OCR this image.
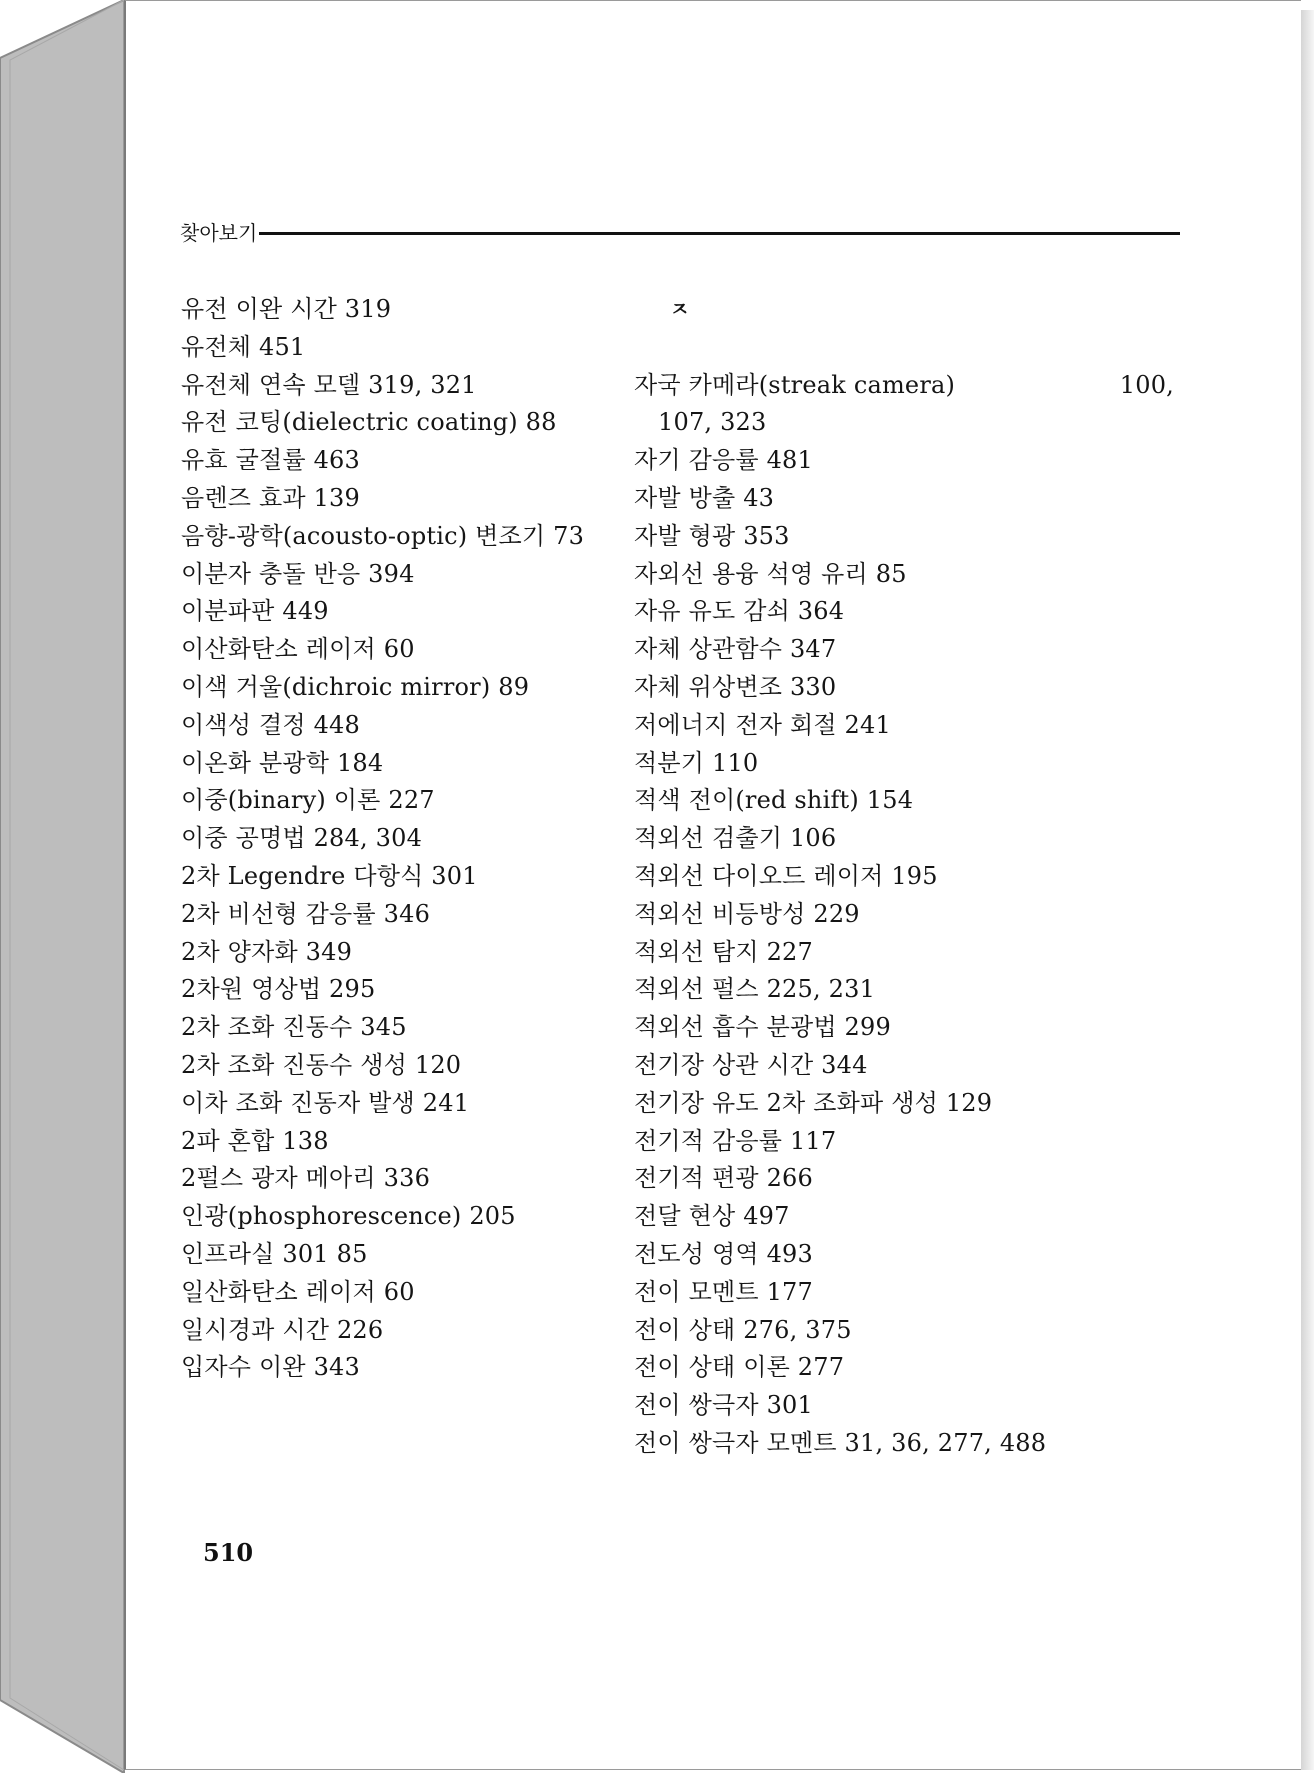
찾아보기
유전 이완 시간 319
유전체 451
유전체 연속 모델 319, 321
유전 코팅(dielectric coating) 88
유효 굴절률 463
음렌즈 효과 139
음향-광학(acousto-optic) 변조기 73
이분자 충돌 반응 394
이분파판 449
이산화탄소 레이저 60
이색 거울(dichroic mirror) 89
이색성 결정 448
이온화 분광학 184
이중(binary) 이론 227
이중 공명법 284, 304
2차 Legendre 다항식 301
2차 비선형 감응률 346
2차 양자화 349
2차원 영상법 295
2차 조화 진동수 345
2차 조화 진동수 생성 120
이차 조화 진동자 발생 241
2파 혼합 138
2펄스 광자 메아리 336
인광(phosphorescence) 205
인프라실 301 85
일산화탄소 레이저 60
일시경과 시간 226
입자수 이완 343
ㅈ
자국 카메라(streak camera)	100,
107, 323
자기 감응률 481
자발 방출 43
자발 형광 353
자외선 용융 석영 유리 85
자유 유도 감쇠 364
자체 상관함수 347
자체 위상변조 330
저에너지 전자 회절 241
적분기 110
적색 전이(red shift) 154
적외선 검출기 106
적외선 다이오드 레이저 195
적외선 비등방성 229
적외선 탐지 227
적외선 펄스 225, 231
적외선 흡수 분광법 299
전기장 상관 시간 344
전기장 유도 2차 조화파 생성 129
전기적 감응률 117
전기적 편광 266
전달 현상 497
전도성 영역 493
전이 모멘트 177
전이 상태 276, 375
전이 상태 이론 277
전이 쌍극자 301
전이 쌍극자 모멘트 31, 36, 277, 488
510
